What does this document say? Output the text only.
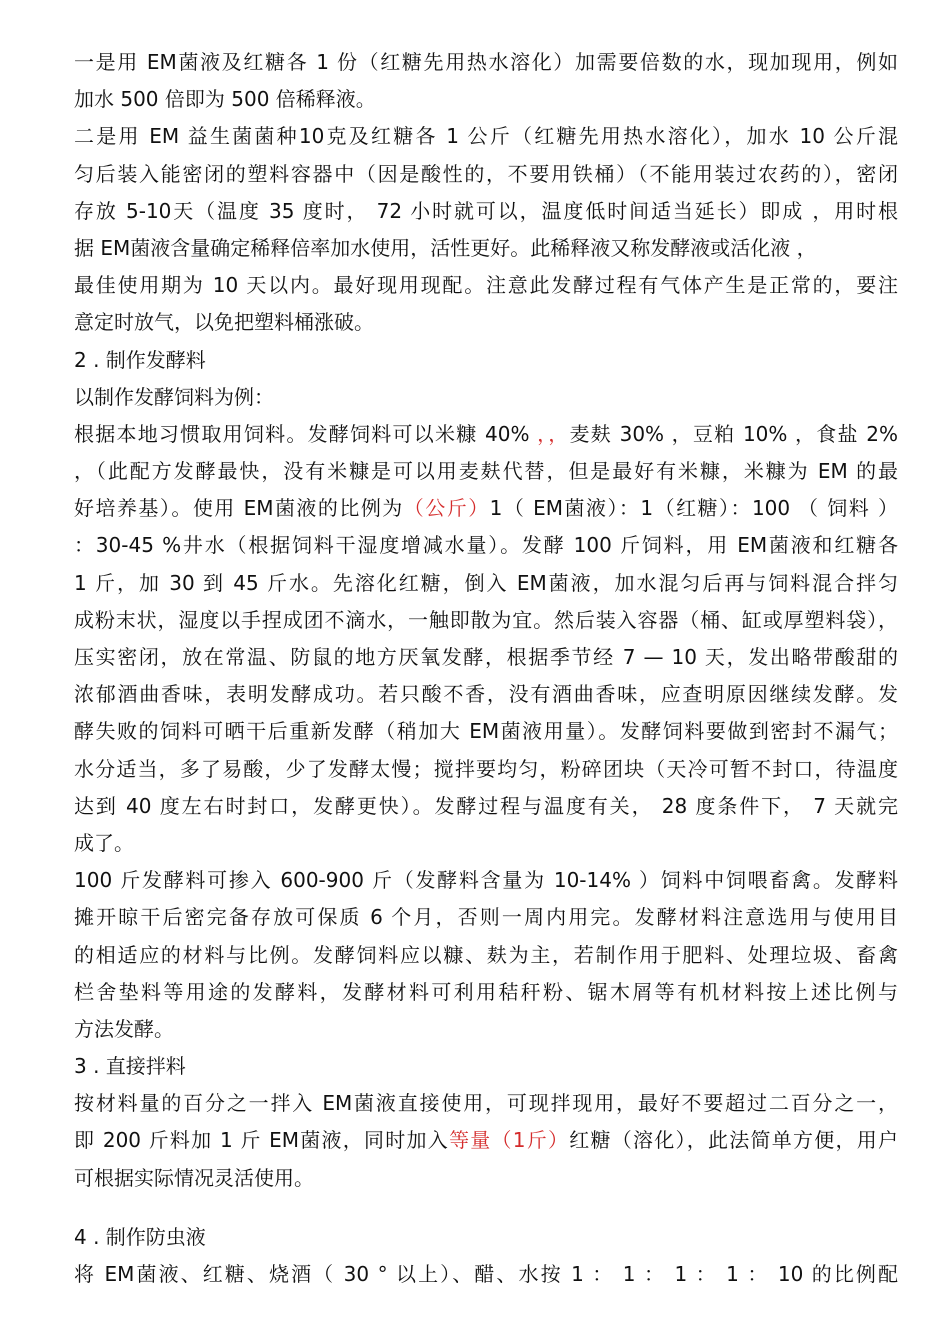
一是用 EM菌液及红糖各 1 份（红糖先用热水溶化）加需要倍数的水，现加现用，例如
加水 500 倍即为 500 倍稀释液。
二是用 EM 益生菌菌种10克及红糖各 1 公斤（红糖先用热水溶化），加水 10 公斤混
匀后装入能密闭的塑料容器中（因是酸性的，不要用铁桶）（不能用装过农药的），密闭
存放 5-10天（温度 35 度时， 72 小时就可以，温度低时间适当延长）即成 ，用时根
据 EM菌液含量确定稀释倍率加水使用，活性更好。此稀释液又称发酵液或活化液 ，
最佳使用期为 10 天以内。最好现用现配。注意此发酵过程有气体产生是正常的，要注
意定时放气，以免把塑料桶涨破。
2 . 制作发酵料
以制作发酵饲料为例：
根据本地习惯取用饲料。发酵饲料可以米糠 40% ，，麦麸 30% ，豆粕 10% ，食盐 2%
，（此配方发酵最快，没有米糠是可以用麦麸代替，但是最好有米糠，米糠为 EM 的最
好培养基）。使用 EM菌液的比例为（公斤）1（ EM菌液）：1（红糖）：100 （ 饲料 ）
：30-45 %井水（根据饲料干湿度增减水量）。发酵 100 斤饲料，用 EM菌液和红糖各
1 斤，加 30 到 45 斤水。先溶化红糖，倒入 EM菌液，加水混匀后再与饲料混合拌匀
成粉末状，湿度以手捏成团不滴水，一触即散为宜。然后装入容器（桶、缸或厚塑料袋），
压实密闭，放在常温、防鼠的地方厌氧发酵，根据季节经 7 — 10 天，发出略带酸甜的
浓郁酒曲香味，表明发酵成功。若只酸不香，没有酒曲香味，应查明原因继续发酵。发
酵失败的饲料可晒干后重新发酵（稍加大 EM菌液用量）。发酵饲料要做到密封不漏气；
水分适当，多了易酸，少了发酵太慢；搅拌要均匀，粉碎团块（天冷可暂不封口，待温度
达到 40 度左右时封口，发酵更快）。发酵过程与温度有关， 28 度条件下， 7 天就完
成了。
100 斤发酵料可掺入 600-900 斤（发酵料含量为 10-14% ）饲料中饲喂畜禽。发酵料
摊开晾干后密完备存放可保质 6 个月，否则一周内用完。发酵材料注意选用与使用目
的相适应的材料与比例。发酵饲料应以糠、麸为主，若制作用于肥料、处理垃圾、畜禽
栏舍垫料等用途的发酵料，发酵材料可利用秸秆粉、锯木屑等有机材料按上述比例与
方法发酵。
3 . 直接拌料
按材料量的百分之一拌入 EM菌液直接使用，可现拌现用，最好不要超过二百分之一，
即 200 斤料加 1 斤 EM菌液，同时加入等量（1斤）红糖（溶化），此法简单方便，用户
可根据实际情况灵活使用。
4 . 制作防虫液
将 EM菌液、红糖、烧酒（ 30 ° 以上）、醋、水按 1 ： 1 ： 1 ： 1 ： 10 的比例配
